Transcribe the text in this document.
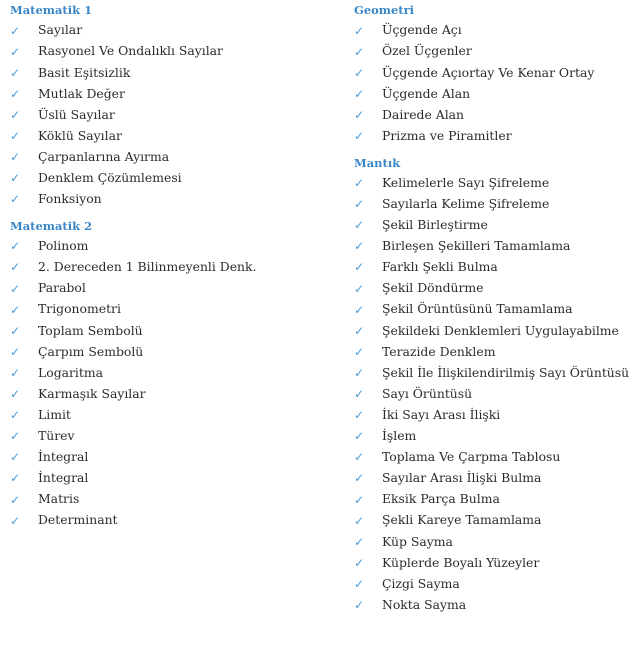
Matematik 1
✓	Sayılar
✓	Rasyonel Ve Ondalıklı Sayılar
✓	Basit Eşitsizlik
✓	Mutlak Değer
✓	Üslü Sayılar
✓	Köklü Sayılar
✓	Çarpanlarına Ayırma
✓	Denklem Çözümlemesi
✓	Fonksiyon
Matematik 2
✓	Polinom
✓	2. Dereceden 1 Bilinmeyenli Denk.
✓	Parabol
✓	Trigonometri
✓	Toplam Sembolü
✓	Çarpım Sembolü
✓	Logaritma
✓	Karmaşık Sayılar
✓	Limit
✓	Türev
✓	İntegral
✓	İntegral
✓	Matris
✓	Determinant
Geometri
✓	Üçgende Açı
✓	Özel Üçgenler
✓	Üçgende Açıortay Ve Kenar Ortay
✓	Üçgende Alan
✓	Dairede Alan
✓	Prizma ve Piramitler
Mantık
✓	Kelimelerle Sayı Şifreleme
✓	Sayılarla Kelime Şifreleme
✓	Şekil Birleştirme
✓	Birleşen Şekilleri Tamamlama
✓	Farklı Şekli Bulma
✓	Şekil Döndürme
✓	Şekil Örüntüsünü Tamamlama
✓	Şekildeki Denklemleri Uygulayabilme
✓	Terazide Denklem
✓	Şekil İle İlişkilendirilmiş Sayı Örüntüsü
✓	Sayı Örüntüsü
✓	İki Sayı Arası İlişki
✓	İşlem
✓	Toplama Ve Çarpma Tablosu
✓	Sayılar Arası İlişki Bulma
✓	Eksik Parça Bulma
✓	Şekli Kareye Tamamlama
✓	Küp Sayma
✓	Küplerde Boyalı Yüzeyler
✓	Çizgi Sayma
✓	Nokta Sayma
